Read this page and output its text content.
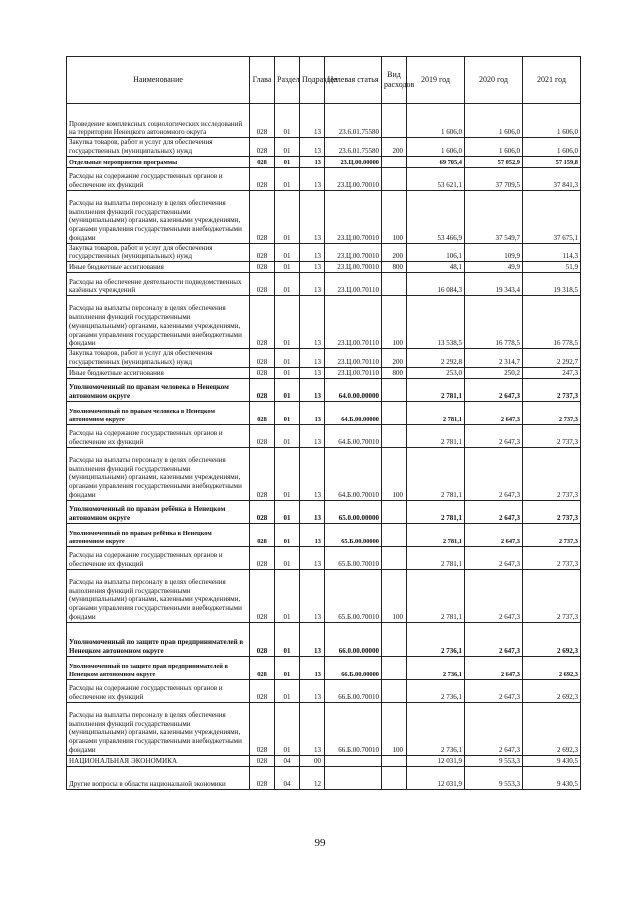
Наименование	Глава	Раздел	Подраздел	Целевая статья	Вид расходов	2019 год	2020 год	2021 год
Проведение комплексных социологических исследований на территории Ненецкого автономного округа	028	01	13	23.6.01.75580		1 606,0	1 606,0	1 606,0
Закупка товаров, работ и услуг для обеспечения государственных (муниципальных) нужд	028	01	13	23.6.01.75580	200	1 606,0	1 606,0	1 606,0
Отдельные мероприятия программы	028	01	13	23.Ц.00.00000		69 705,4	57 052,9	57 159,8
Расходы на содержание государственных органов и обеспечение их функций	028	01	13	23.Ц.00.70010		53 621,1	37 709,5	37 841,3
Расходы на выплаты персоналу в целях обеспечения выполнения функций государственными (муниципальными) органами, казенными учреждениями, органами управления государственными внебюджетными фондами	028	01	13	23.Ц.00.70010	100	53 466,9	37 549,7	37 675,1
Закупка товаров, работ и услуг для обеспечения государственных (муниципальных) нужд	028	01	13	23.Ц.00.70010	200	106,1	109,9	114,3
Иные бюджетные ассигнования	028	01	13	23.Ц.00.70010	800	48,1	49,9	51,9
Расходы на обеспечение деятельности подведомственных казённых учреждений	028	01	13	23.Ц.00.70110		16 084,3	19 343,4	19 318,5
Расходы на выплаты персоналу в целях обеспечения выполнения функций государственными (муниципальными) органами, казенными учреждениями, органами управления государственными внебюджетными фондами	028	01	13	23.Ц.00.70110	100	13 538,5	16 778,5	16 778,5
Закупка товаров, работ и услуг для обеспечения государственных (муниципальных) нужд	028	01	13	23.Ц.00.70110	200	2 292,8	2 314,7	2 292,7
Иные бюджетные ассигнования	028	01	13	23.Ц.00.70110	800	253,0	250,2	247,3
Уполномоченный по правам человека в Ненецком автономном округе	028	01	13	64.0.00.00000		2 781,1	2 647,3	2 737,3
Уполномоченный по правам человека в Ненецком автономном округе	028	01	13	64.Б.00.00000		2 781,1	2 647,3	2 737,3
Расходы на содержание государственных органов и обеспечение их функций	028	01	13	64.Б.00.70010		2 781,1	2 647,3	2 737,3
Расходы на выплаты персоналу в целях обеспечения выполнения функций государственными (муниципальными) органами, казенными учреждениями, органами управления государственными внебюджетными фондами	028	01	13	64.Б.00.70010	100	2 781,1	2 647,3	2 737,3
Уполномоченный по правам ребёнка в Ненецком автономном округе	028	01	13	65.0.00.00000		2 781,1	2 647,3	2 737,3
Уполномоченный по правам ребёнка в Ненецком автономном округе	028	01	13	65.Б.00.00000		2 781,1	2 647,3	2 737,3
Расходы на содержание государственных органов и обеспечение их функций	028	01	13	65.Б.00.70010		2 781,1	2 647,3	2 737,3
Расходы на выплаты персоналу в целях обеспечения выполнения функций государственными (муниципальными) органами, казенными учреждениями, органами управления государственными внебюджетными фондами	028	01	13	65.Б.00.70010	100	2 781,1	2 647,3	2 737,3
Уполномоченный по защите прав предпринимателей в Ненецком автономном округе	028	01	13	66.0.00.00000		2 736,1	2 647,3	2 692,3
Уполномоченный по защите прав предпринимателей в Ненецком автономном округе	028	01	13	66.Б.00.00000		2 736,1	2 647,3	2 692,3
Расходы на содержание государственных органов и обеспечение их функций	028	01	13	66.Б.00.70010		2 736,1	2 647,3	2 692,3
Расходы на выплаты персоналу в целях обеспечения выполнения функций государственными (муниципальными) органами, казенными учреждениями, органами управления государственными внебюджетными фондами	028	01	13	66.Б.00.70010	100	2 736,1	2 647,3	2 692,3
НАЦИОНАЛЬНАЯ ЭКОНОМИКА	028	04	00			12 031,9	9 553,3	9 430,5
Другие вопросы в области национальной экономики	028	04	12			12 031,9	9 553,3	9 430,5
99
